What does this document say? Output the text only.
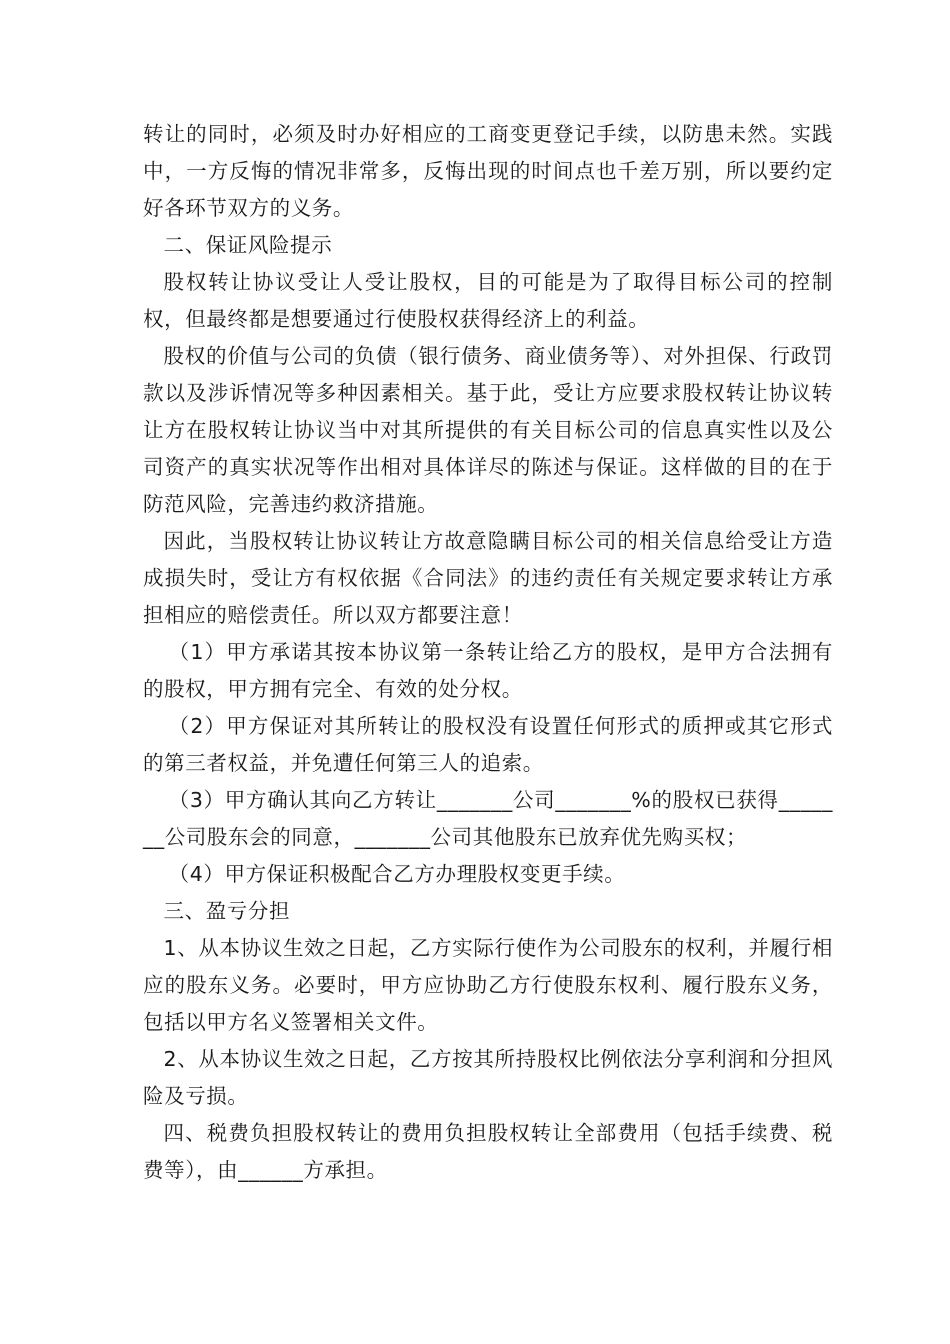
转让的同时，必须及时办好相应的工商变更登记手续，以防患未然。实践中，一方反悔的情况非常多，反悔出现的时间点也千差万别，所以要约定好各环节双方的义务。

二、保证风险提示

股权转让协议受让人受让股权，目的可能是为了取得目标公司的控制权，但最终都是想要通过行使股权获得经济上的利益。

股权的价值与公司的负债（银行债务、商业债务等）、对外担保、行政罚款以及涉诉情况等多种因素相关。基于此，受让方应要求股权转让协议转让方在股权转让协议当中对其所提供的有关目标公司的信息真实性以及公司资产的真实状况等作出相对具体详尽的陈述与保证。这样做的目的在于防范风险，完善违约救济措施。

因此，当股权转让协议转让方故意隐瞒目标公司的相关信息给受让方造成损失时，受让方有权依据《合同法》的违约责任有关规定要求转让方承担相应的赔偿责任。所以双方都要注意！

（1）甲方承诺其按本协议第一条转让给乙方的股权，是甲方合法拥有的股权，甲方拥有完全、有效的处分权。

（2）甲方保证对其所转让的股权没有设置任何形式的质押或其它形式的第三者权益，并免遭任何第三人的追索。

（3）甲方确认其向乙方转让_______公司_______%的股权已获得_______公司股东会的同意，_______公司其他股东已放弃优先购买权；

（4）甲方保证积极配合乙方办理股权变更手续。

三、盈亏分担

1、从本协议生效之日起，乙方实际行使作为公司股东的权利，并履行相应的股东义务。必要时，甲方应协助乙方行使股东权利、履行股东义务，包括以甲方名义签署相关文件。

2、从本协议生效之日起，乙方按其所持股权比例依法分享利润和分担风险及亏损。

四、税费负担股权转让的费用负担股权转让全部费用（包括手续费、税费等），由______方承担。
